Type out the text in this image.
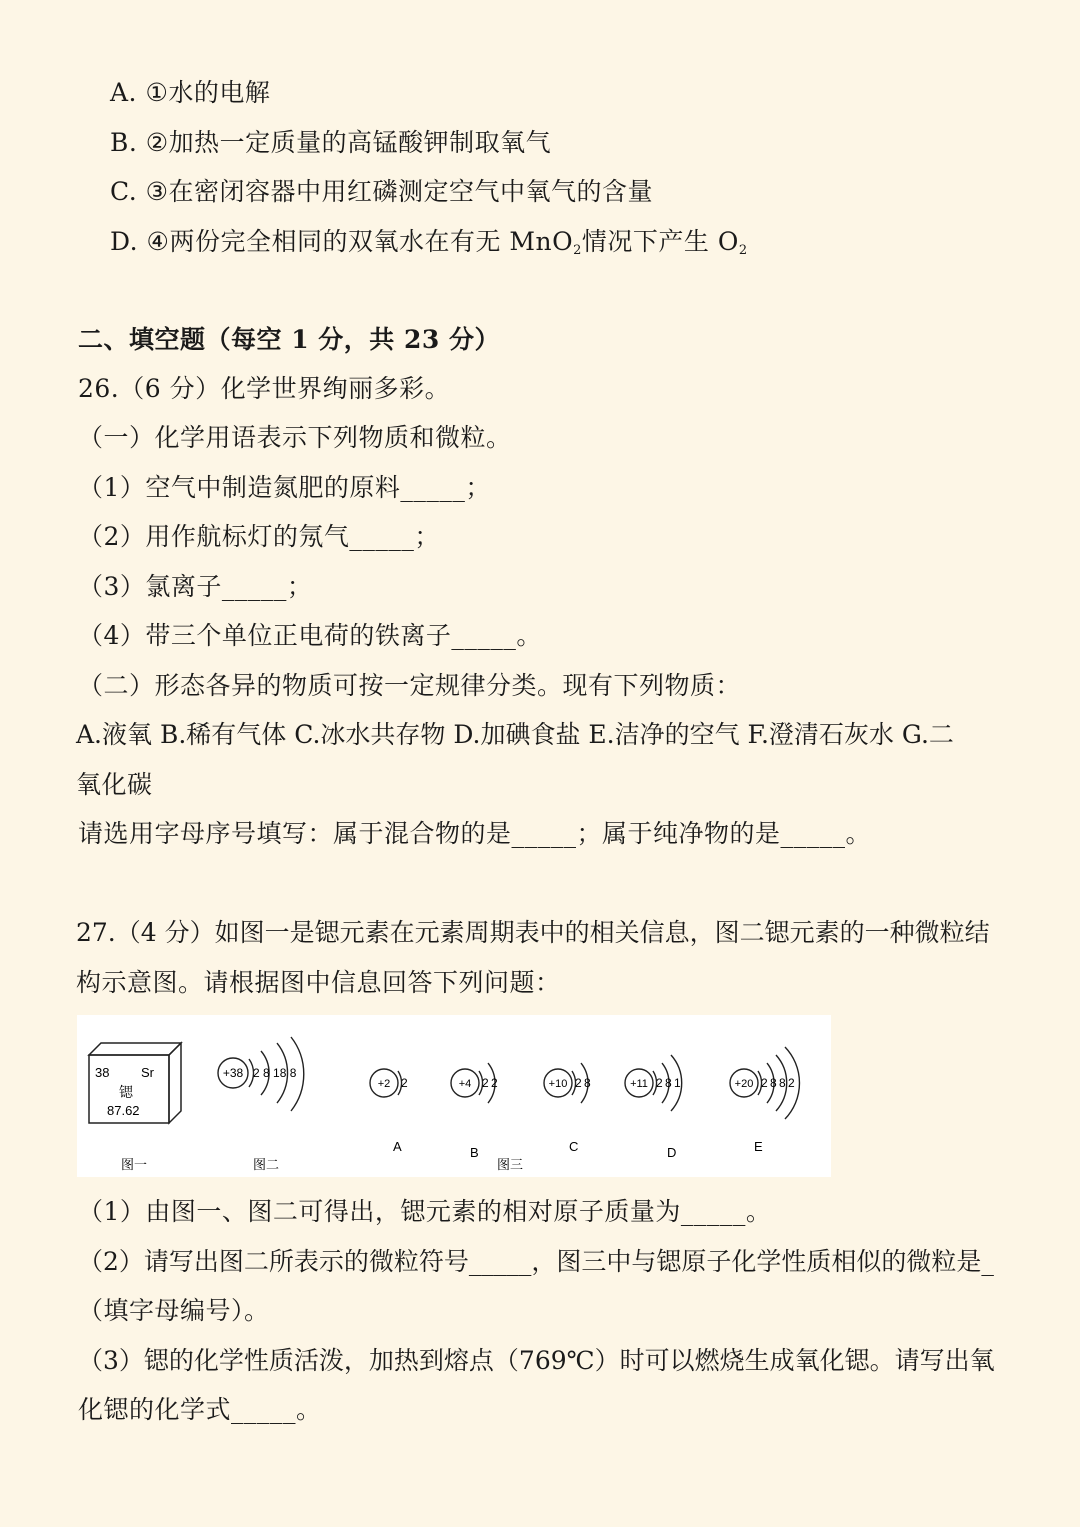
A. ①水的电解
B. ②加热一定质量的高锰酸钾制取氧气
C. ③在密闭容器中用红磷测定空气中氧气的含量
D. ④两份完全相同的双氧水在有无 MnO$_2$情况下产生 $O_2$
二、填空题（每空 1 分，共 23 分）
26.（6 分）化学世界绚丽多彩。
（一）化学用语表示下列物质和微粒。
（1）空气中制造氮肥的原料_____；
（2）用作航标灯的氖气_____；
（3）氯离子_____；
（4）带三个单位正电荷的铁离子_____。
（二）形态各异的物质可按一定规律分类。现有下列物质：
A.液氧 B.稀有气体 C.冰水共存物 D.加碘食盐 E.洁净的空气 F.澄清石灰水 G.二
氧化碳
请选用字母序号填写：属于混合物的是_____；属于纯净物的是_____。
27.（4 分）如图一是锶元素在元素周期表中的相关信息，图二锶元素的一种微粒结
构示意图。请根据图中信息回答下列问题：
38 Sr
锶
87.62
图一
+38 2 8 18 8
图二
+2 2
A
+4 2 2
B
+10 2 8
C
+11 2 8 1
D
+20 2 8 8 2
E
图三
（1）由图一、图二可得出，锶元素的相对原子质量为_____。
（2）请写出图二所表示的微粒符号_____，图三中与锶原子化学性质相似的微粒是_
（填字母编号）。
（3）锶的化学性质活泼，加热到熔点（769℃）时可以燃烧生成氧化锶。请写出氧
化锶的化学式_____。
